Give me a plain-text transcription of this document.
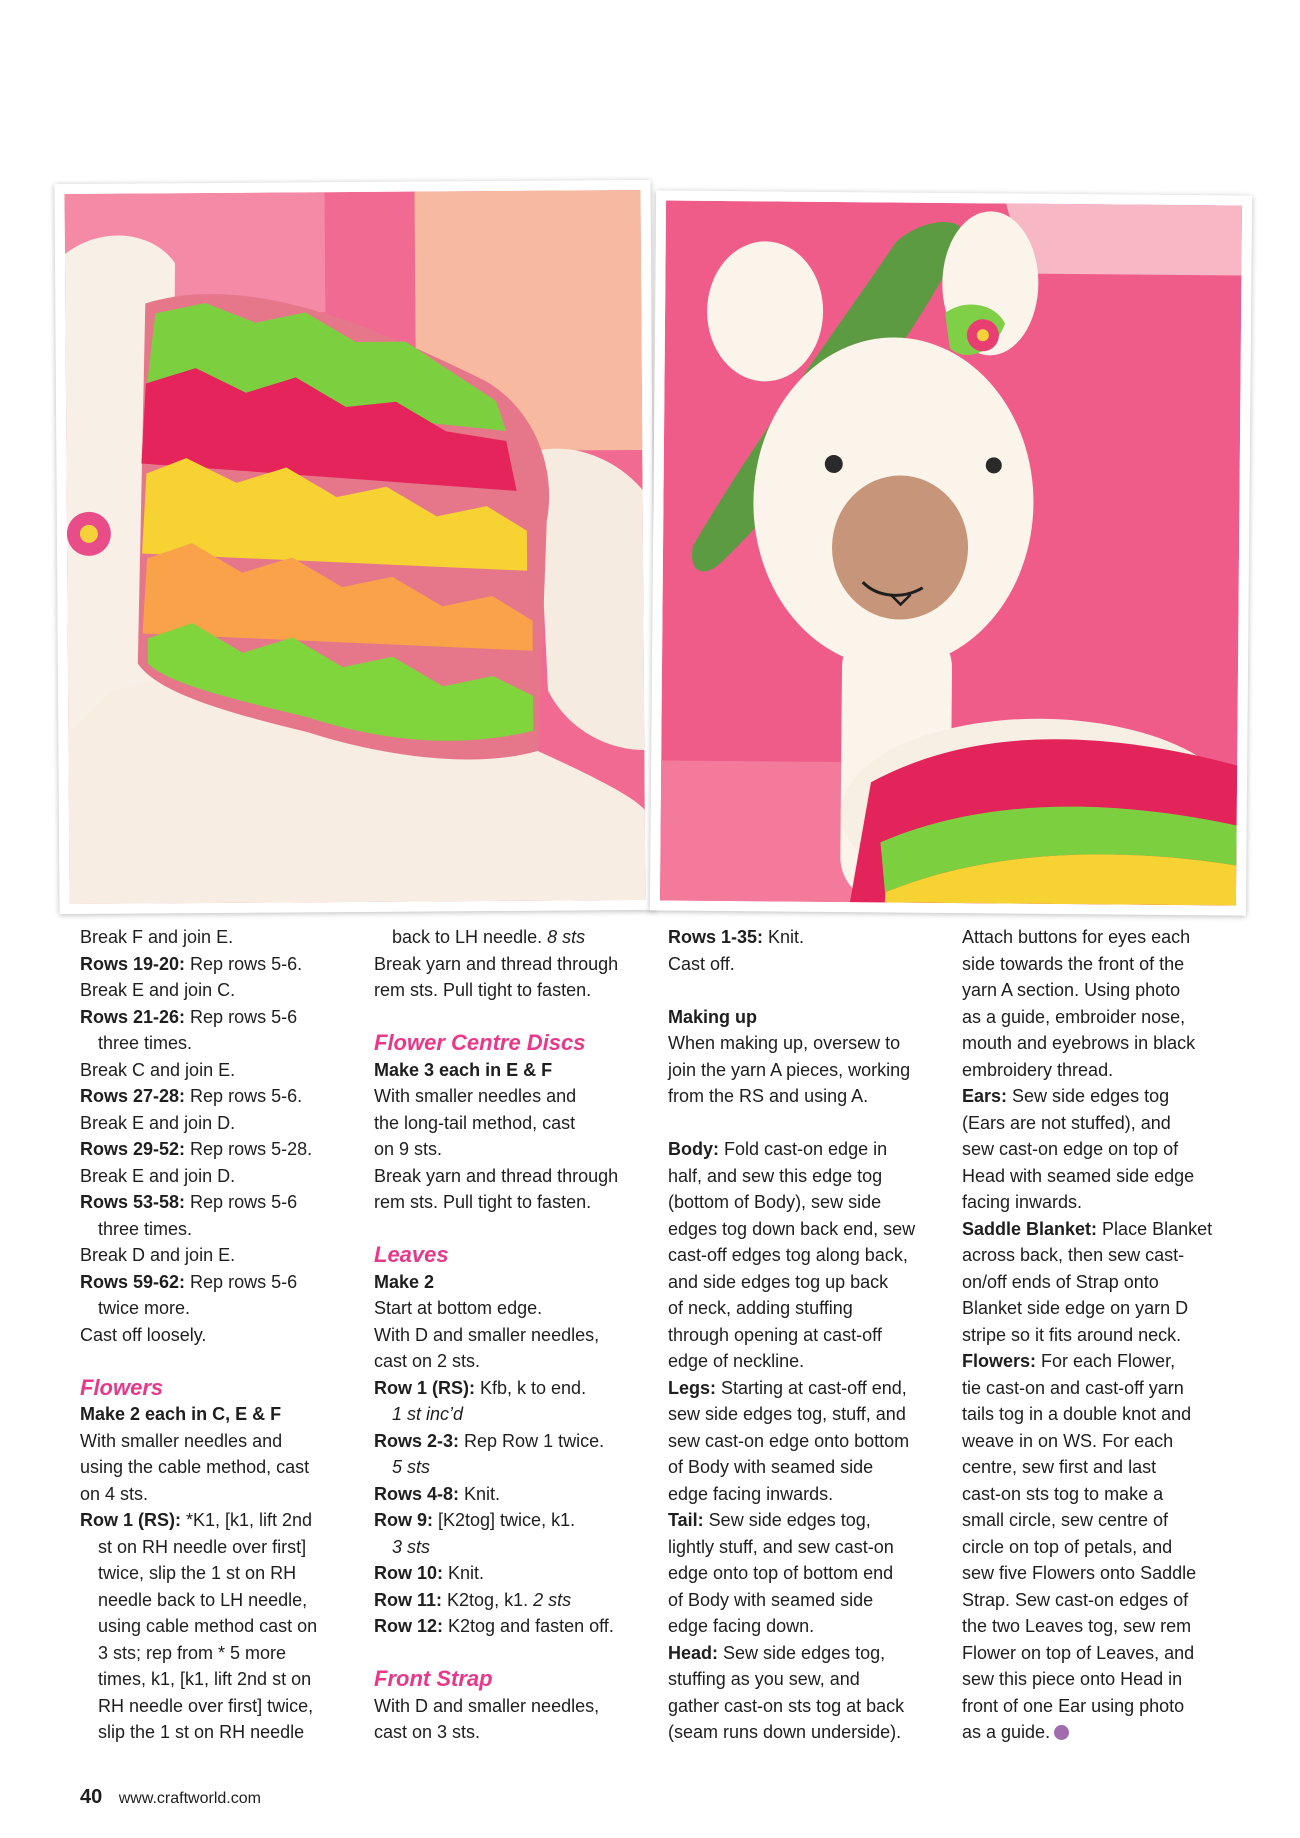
Break F and join E.

Rows 19-20: Rep rows 5-6.

Break E and join C.

Rows 21-26: Rep rows 5-6

three times.

Break C and join E.

Rows 27-28: Rep rows 5-6.

Break E and join D.

Rows 29-52: Rep rows 5-28.

Break E and join D.

Rows 53-58: Rep rows 5-6

three times.

Break D and join E.

Rows 59-62: Rep rows 5-6

twice more.

Cast off loosely.

Flowers

Make 2 each in C, E & F

With smaller needles and

using the cable method, cast

on 4 sts.

Row 1 (RS): *K1, [k1, lift 2nd

st on RH needle over first]

twice, slip the 1 st on RH

needle back to LH needle,

using cable method cast on

3 sts; rep from * 5 more

times, k1, [k1, lift 2nd st on

RH needle over first] twice,

slip the 1 st on RH needle

back to LH needle. 8 sts

Break yarn and thread through

rem sts. Pull tight to fasten.

Flower Centre Discs

Make 3 each in E & F

With smaller needles and

the long-tail method, cast

on 9 sts.

Break yarn and thread through

rem sts. Pull tight to fasten.

Leaves

Make 2

Start at bottom edge.

With D and smaller needles,

cast on 2 sts.

Row 1 (RS): Kfb, k to end.

1 st inc’d

Rows 2-3: Rep Row 1 twice.

5 sts

Rows 4-8: Knit.

Row 9: [K2tog] twice, k1.

3 sts

Row 10: Knit.

Row 11: K2tog, k1. 2 sts

Row 12: K2tog and fasten off.

Front Strap

With D and smaller needles,

cast on 3 sts.

Rows 1-35: Knit.

Cast off.

Making up

When making up, oversew to

join the yarn A pieces, working

from the RS and using A.

Body: Fold cast-on edge in

half, and sew this edge tog

(bottom of Body), sew side

edges tog down back end, sew

cast-off edges tog along back,

and side edges tog up back

of neck, adding stuffing

through opening at cast-off

edge of neckline.

Legs: Starting at cast-off end,

sew side edges tog, stuff, and

sew cast-on edge onto bottom

of Body with seamed side

edge facing inwards.

Tail: Sew side edges tog,

lightly stuff, and sew cast-on

edge onto top of bottom end

of Body with seamed side

edge facing down.

Head: Sew side edges tog,

stuffing as you sew, and

gather cast-on sts tog at back

(seam runs down underside).

Attach buttons for eyes each

side towards the front of the

yarn A section. Using photo

as a guide, embroider nose,

mouth and eyebrows in black

embroidery thread.

Ears: Sew side edges tog

(Ears are not stuffed), and

sew cast-on edge on top of

Head with seamed side edge

facing inwards.

Saddle Blanket: Place Blanket

across back, then sew cast-

on/off ends of Strap onto

Blanket side edge on yarn D

stripe so it fits around neck.

Flowers: For each Flower,

tie cast-on and cast-off yarn

tails tog in a double knot and

weave in on WS. For each

centre, sew first and last

cast-on sts tog to make a

small circle, sew centre of

circle on top of petals, and

sew five Flowers onto Saddle

Strap. Sew cast-on edges of

the two Leaves tog, sew rem

Flower on top of Leaves, and

sew this piece onto Head in

front of one Ear using photo

as a guide.

40 www.craftworld.com
